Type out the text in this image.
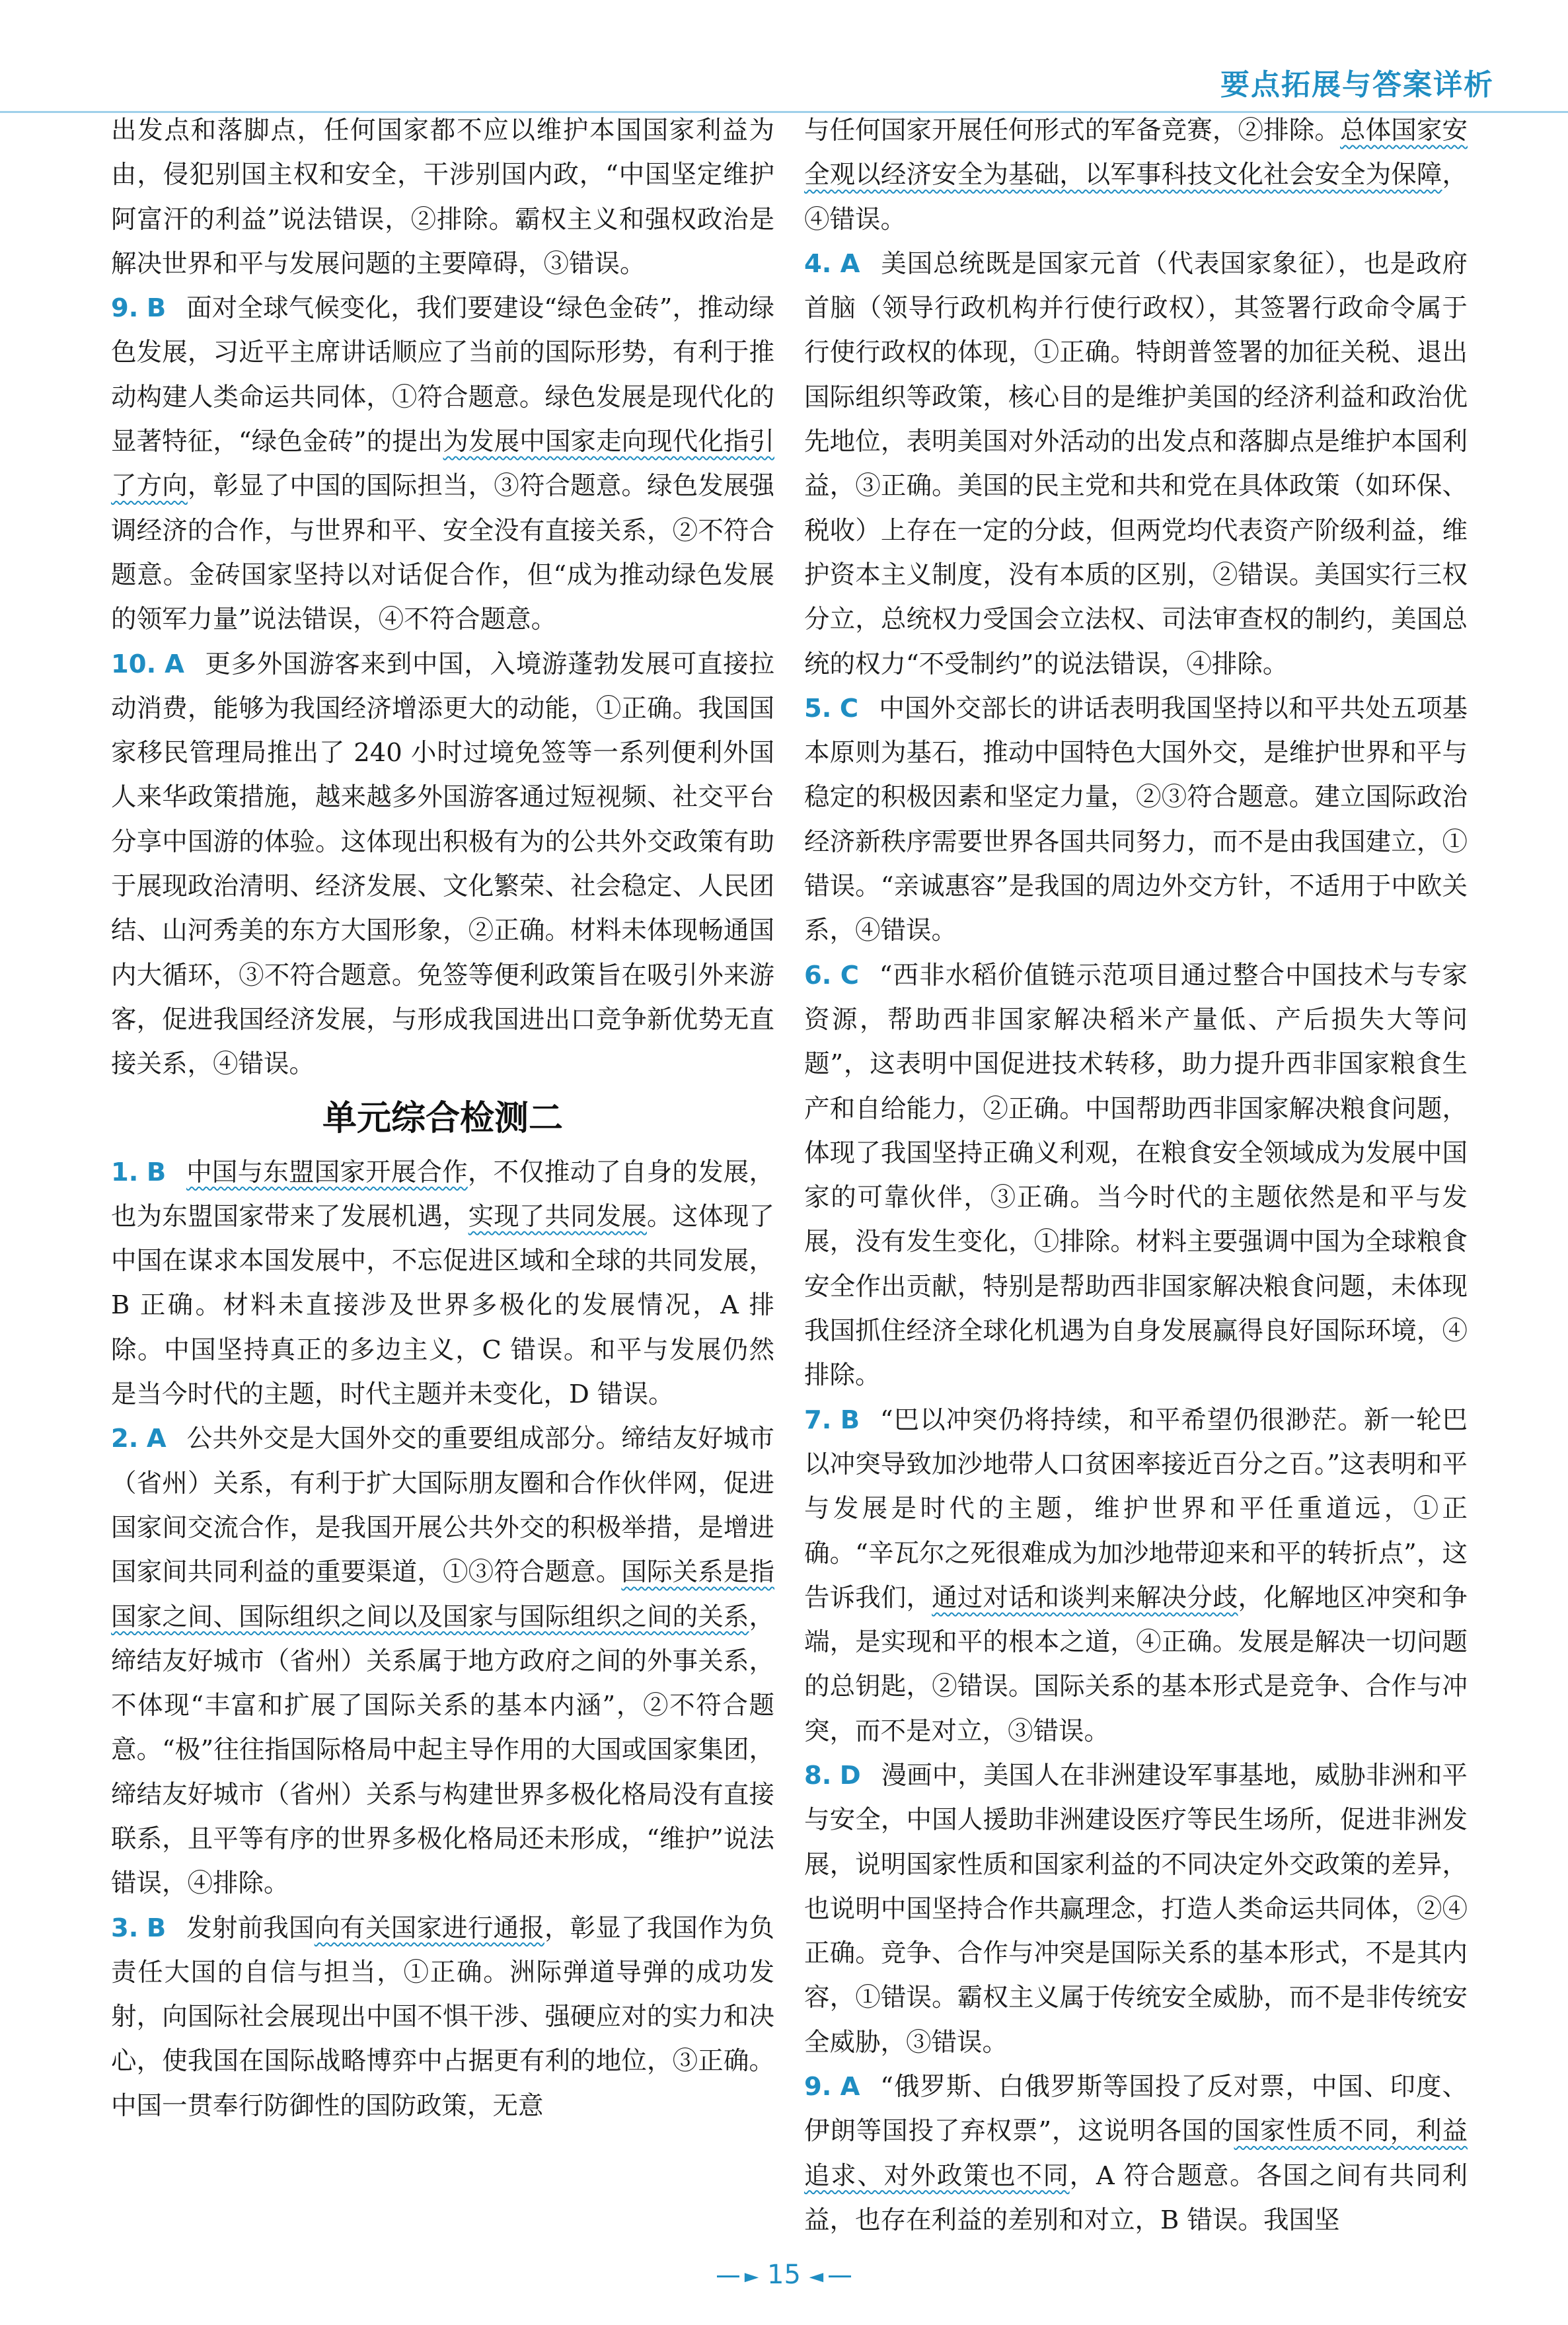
要点拓展与答案详析

出发点和落脚点，任何国家都不应以维护本国国家利益为由，侵犯别国主权和安全，干涉别国内政，“中国坚定维护阿富汗的利益”说法错误，②排除。霸权主义和强权政治是解决世界和平与发展问题的主要障碍，③错误。

9. B 面对全球气候变化，我们要建设“绿色金砖”，推动绿色发展，习近平主席讲话顺应了当前的国际形势，有利于推动构建人类命运共同体，①符合题意。绿色发展是现代化的显著特征，“绿色金砖”的提出为发展中国家走向现代化指引了方向，彰显了中国的国际担当，③符合题意。绿色发展强调经济的合作，与世界和平、安全没有直接关系，②不符合题意。金砖国家坚持以对话促合作，但“成为推动绿色发展的领军力量”说法错误，④不符合题意。

10. A 更多外国游客来到中国，入境游蓬勃发展可直接拉动消费，能够为我国经济增添更大的动能，①正确。我国国家移民管理局推出了 240 小时过境免签等一系列便利外国人来华政策措施，越来越多外国游客通过短视频、社交平台分享中国游的体验。这体现出积极有为的公共外交政策有助于展现政治清明、经济发展、文化繁荣、社会稳定、人民团结、山河秀美的东方大国形象，②正确。材料未体现畅通国内大循环，③不符合题意。免签等便利政策旨在吸引外来游客，促进我国经济发展，与形成我国进出口竞争新优势无直接关系，④错误。

单元综合检测二

1. B 中国与东盟国家开展合作，不仅推动了自身的发展，也为东盟国家带来了发展机遇，实现了共同发展。这体现了中国在谋求本国发展中，不忘促进区域和全球的共同发展，B 正确。材料未直接涉及世界多极化的发展情况，A 排除。中国坚持真正的多边主义，C 错误。和平与发展仍然是当今时代的主题，时代主题并未变化，D 错误。

2. A 公共外交是大国外交的重要组成部分。缔结友好城市（省州）关系，有利于扩大国际朋友圈和合作伙伴网，促进国家间交流合作，是我国开展公共外交的积极举措，是增进国家间共同利益的重要渠道，①③符合题意。国际关系是指国家之间、国际组织之间以及国家与国际组织之间的关系，缔结友好城市（省州）关系属于地方政府之间的外事关系，不体现“丰富和扩展了国际关系的基本内涵”，②不符合题意。“极”往往指国际格局中起主导作用的大国或国家集团，缔结友好城市（省州）关系与构建世界多极化格局没有直接联系，且平等有序的世界多极化格局还未形成，“维护”说法错误，④排除。

3. B 发射前我国向有关国家进行通报，彰显了我国作为负责任大国的自信与担当，①正确。洲际弹道导弹的成功发射，向国际社会展现出中国不惧干涉、强硬应对的实力和决心，使我国在国际战略博弈中占据更有利的地位，③正确。中国一贯奉行防御性的国防政策，无意

与任何国家开展任何形式的军备竞赛，②排除。总体国家安全观以经济安全为基础，以军事科技文化社会安全为保障，④错误。

4. A 美国总统既是国家元首（代表国家象征），也是政府首脑（领导行政机构并行使行政权），其签署行政命令属于行使行政权的体现，①正确。特朗普签署的加征关税、退出国际组织等政策，核心目的是维护美国的经济利益和政治优先地位，表明美国对外活动的出发点和落脚点是维护本国利益，③正确。美国的民主党和共和党在具体政策（如环保、税收）上存在一定的分歧，但两党均代表资产阶级利益，维护资本主义制度，没有本质的区别，②错误。美国实行三权分立，总统权力受国会立法权、司法审查权的制约，美国总统的权力“不受制约”的说法错误，④排除。

5. C 中国外交部长的讲话表明我国坚持以和平共处五项基本原则为基石，推动中国特色大国外交，是维护世界和平与稳定的积极因素和坚定力量，②③符合题意。建立国际政治经济新秩序需要世界各国共同努力，而不是由我国建立，①错误。“亲诚惠容”是我国的周边外交方针，不适用于中欧关系，④错误。

6. C “西非水稻价值链示范项目通过整合中国技术与专家资源，帮助西非国家解决稻米产量低、产后损失大等问题”，这表明中国促进技术转移，助力提升西非国家粮食生产和自给能力，②正确。中国帮助西非国家解决粮食问题，体现了我国坚持正确义利观，在粮食安全领域成为发展中国家的可靠伙伴，③正确。当今时代的主题依然是和平与发展，没有发生变化，①排除。材料主要强调中国为全球粮食安全作出贡献，特别是帮助西非国家解决粮食问题，未体现我国抓住经济全球化机遇为自身发展赢得良好国际环境，④排除。

7. B “巴以冲突仍将持续，和平希望仍很渺茫。新一轮巴以冲突导致加沙地带人口贫困率接近百分之百。”这表明和平与发展是时代的主题，维护世界和平任重道远，①正确。“辛瓦尔之死很难成为加沙地带迎来和平的转折点”，这告诉我们，通过对话和谈判来解决分歧，化解地区冲突和争端，是实现和平的根本之道，④正确。发展是解决一切问题的总钥匙，②错误。国际关系的基本形式是竞争、合作与冲突，而不是对立，③错误。

8. D 漫画中，美国人在非洲建设军事基地，威胁非洲和平与安全，中国人援助非洲建设医疗等民生场所，促进非洲发展，说明国家性质和国家利益的不同决定外交政策的差异，也说明中国坚持合作共赢理念，打造人类命运共同体，②④正确。竞争、合作与冲突是国际关系的基本形式，不是其内容，①错误。霸权主义属于传统安全威胁，而不是非传统安全威胁，③错误。

9. A “俄罗斯、白俄罗斯等国投了反对票，中国、印度、伊朗等国投了弃权票”，这说明各国的国家性质不同，利益追求、对外政策也不同，A 符合题意。各国之间有共同利益，也存在利益的差别和对立，B 错误。我国坚

► 15 ◄
